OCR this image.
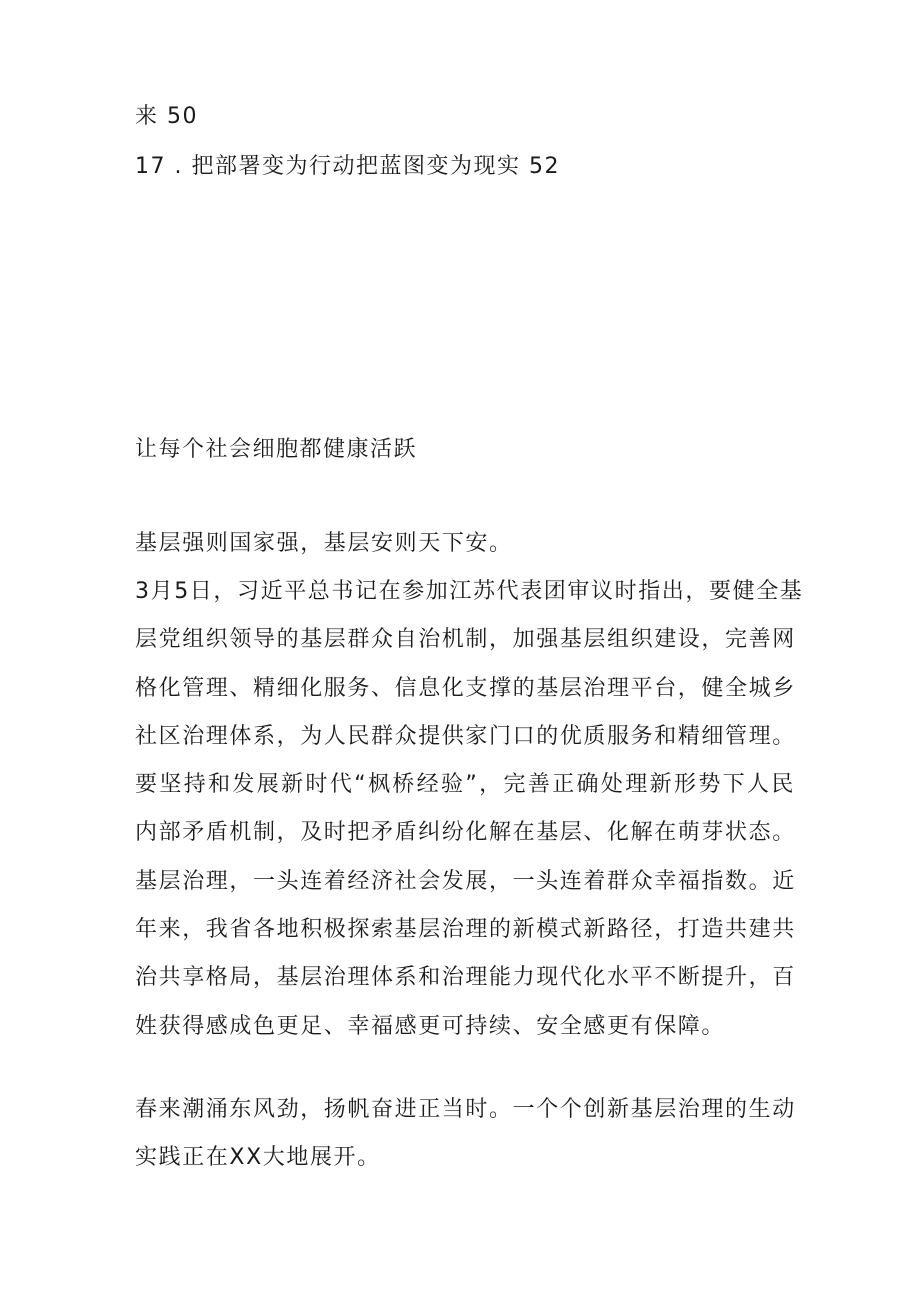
来 50
17 . 把部署变为行动把蓝图变为现实 52
让每个社会细胞都健康活跃
基层强则国家强，基层安则天下安。
3月5日，习近平总书记在参加江苏代表团审议时指出，要健全基
层党组织领导的基层群众自治机制，加强基层组织建设，完善网
格化管理、精细化服务、信息化支撑的基层治理平台，健全城乡
社区治理体系，为人民群众提供家门口的优质服务和精细管理。
要坚持和发展新时代“枫桥经验”，完善正确处理新形势下人民
内部矛盾机制，及时把矛盾纠纷化解在基层、化解在萌芽状态。
基层治理，一头连着经济社会发展，一头连着群众幸福指数。近
年来，我省各地积极探索基层治理的新模式新路径，打造共建共
治共享格局，基层治理体系和治理能力现代化水平不断提升，百
姓获得感成色更足、幸福感更可持续、安全感更有保障。
春来潮涌东风劲，扬帆奋进正当时。一个个创新基层治理的生动
实践正在XX大地展开。
